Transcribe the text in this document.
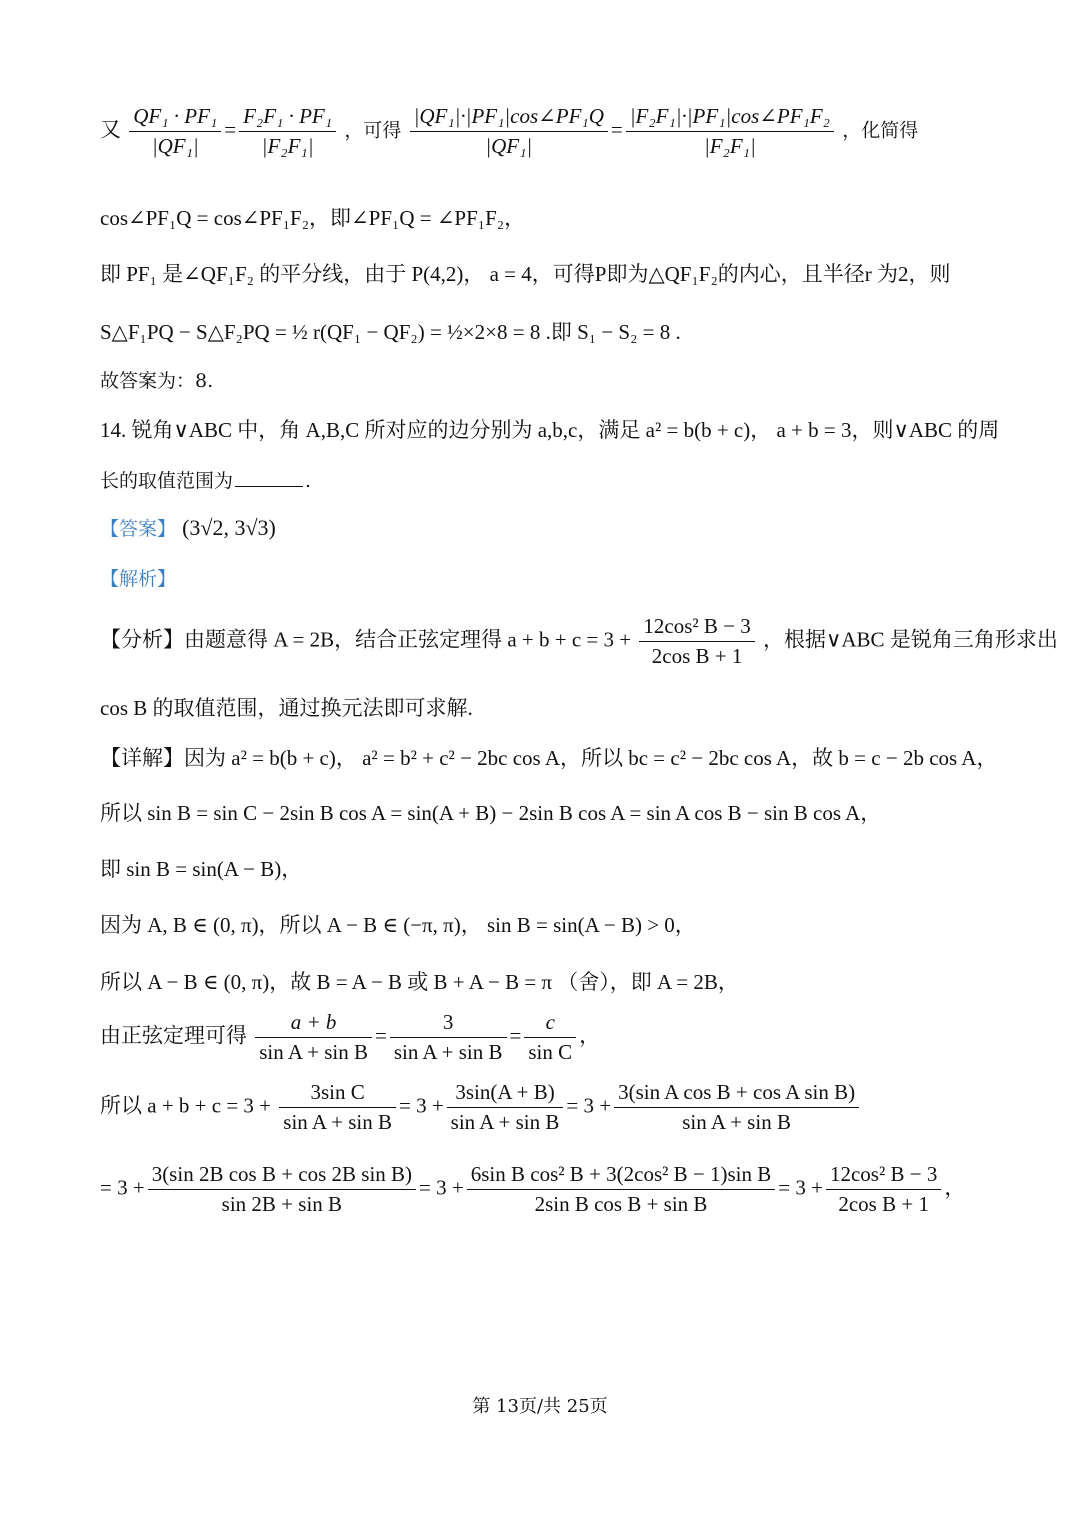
又 $\frac{\text{QF₁ · PF₁}}{\text{|QF₁|}} = \frac{\text{F₂F₁ · PF₁}}{\text{|F₂F₁|}}$ ，可得 $\frac{\text{|QF₁|·|PF₁|cos∠PF₁Q}}{\text{|QF₁|}} = \frac{\text{|F₂F₁|·|PF₁|cos∠PF₁F₂}}{\text{|F₂F₁|}}$ ，化简得
cos∠PF₁Q = cos∠PF₁F₂，即∠PF₁Q = ∠PF₁F₂，
即 PF₁ 是∠QF₁F₂ 的平分线，由于 P(4,2)， a = 4，可得P即为△QF₁F₂的内心，且半径r 为2，则
S△F₁PQ − S△F₂PQ = ½ r(QF₁ − QF₂) = ½×2×8 = 8 .即 S₁ − S₂ = 8 .
故答案为：8.
14. 锐角∨ABC 中，角 A,B,C 所对应的边分别为 a,b,c，满足 a² = b(b + c)， a + b = 3，则∨ABC 的周
长的取值范围为	.
【答案】 (3√2, 3√3)
【解析】
【分析】由题意得 A = 2B，结合正弦定理得 $a + b + c = 3 + \frac{\text{12cos² B − 3}}{\text{2cos B + 1}}$ ，根据∨ABC 是锐角三角形求出
cos B 的取值范围，通过换元法即可求解.
【详解】因为 a² = b(b + c)， a² = b² + c² − 2bc cos A，所以 bc = c² − 2bc cos A，故 b = c − 2b cos A，
所以 sin B = sin C − 2sin B cos A = sin(A + B) − 2sin B cos A = sin A cos B − sin B cos A，
即 sin B = sin(A − B)，
因为 A, B ∈ (0, π)，所以 A − B ∈ (−π, π)， sin B = sin(A − B) > 0，
所以 A − B ∈ (0, π)，故 B = A − B 或 B + A − B = π （舍），即 A = 2B，
由正弦定理可得 $\frac{a + b}{\text{sin A + sin B}} = \frac{3}{\text{sin A + sin B}} = \frac{c}{\text{sin C}}$ ，
所以 $a + b + c = 3 + \frac{\text{3sin C}}{\text{sin A + sin B}} = 3 + \frac{3\sin(A + B)}{\text{sin A + sin B}} = 3 + \frac{\text{3(sin A cos B + cos A sin B)}}{\text{sin A + sin B}}$
= $3 + \frac{\text{3(sin 2B cos B + cos 2B sin B)}}{\text{sin 2B + sin B}} = 3 + \frac{\text{6sin B cos² B + 3(2cos² B − 1)sin B}}{\text{2sin B cos B + sin B}} = 3 + \frac{\text{12cos² B − 3}}{\text{2cos B + 1}}$ ，
第 13页/共 25页
